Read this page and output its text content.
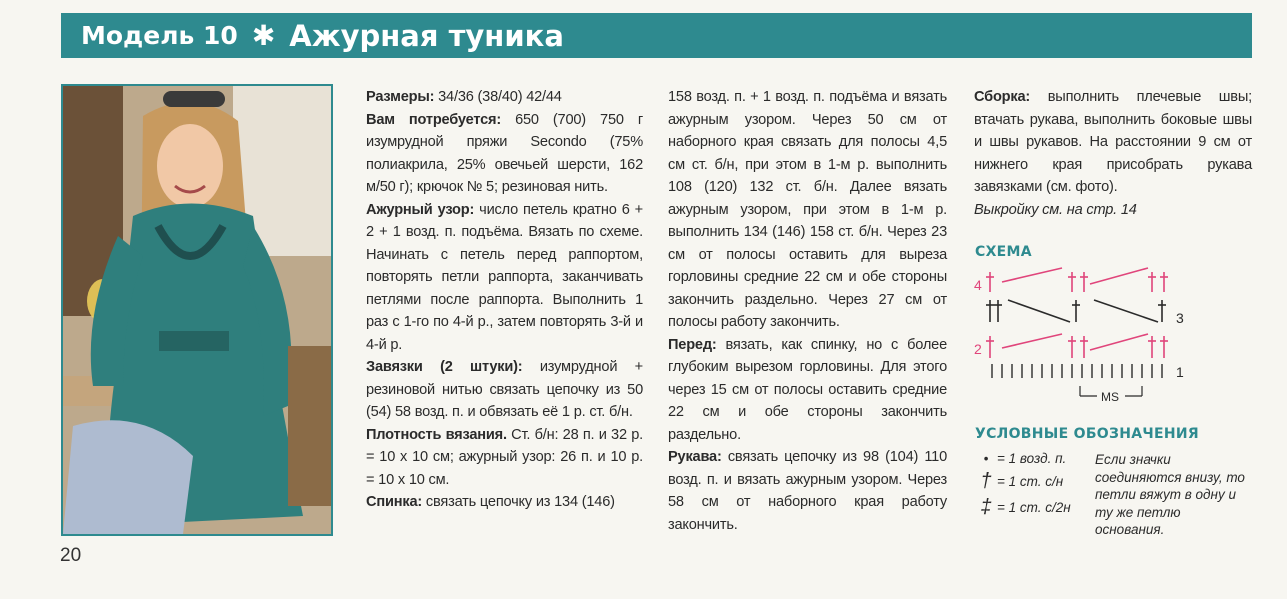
Модель 10 ✱ Ажурная туника
20

Размеры: 34/36 (38/40) 42/44

Вам потребуется: 650 (700) 750 г изумрудной пряжи Secondo (75% полиакрила, 25% овечьей шерсти, 162 м/50 г); крючок № 5; резиновая нить.

Ажурный узор: число петель кратно 6 + 2 + 1 возд. п. подъёма. Вязать по схеме. Начинать с петель перед раппортом, повторять петли раппорта, заканчивать петлями после раппорта. Выполнить 1 раз с 1-го по 4-й р., затем повторять 3-й и 4-й р.

Завязки (2 штуки): изумрудной + резиновой нитью связать цепочку из 50 (54) 58 возд. п. и обвязать её 1 р. ст. б/н.

Плотность вязания. Ст. б/н: 28 п. и 32 р. = 10 х 10 см; ажурный узор: 26 п. и 10 р. = 10 х 10 см.

Спинка: связать цепочку из 134 (146)

158 возд. п. + 1 возд. п. подъёма и вязать ажурным узором. Через 50 см от наборного края связать для полосы 4,5 см ст. б/н, при этом в 1-м р. выполнить 108 (120) 132 ст. б/н. Далее вязать ажурным узором, при этом в 1-м р. выполнить 134 (146) 158 ст. б/н. Через 23 см от полосы оставить для выреза горловины средние 22 см и обе стороны закончить раздельно. Через 27 см от полосы работу закончить.

Перед: вязать, как спинку, но с более глубоким вырезом горловины. Для этого через 15 см от полосы оставить средние 22 см и обе стороны закончить раздельно.

Рукава: связать цепочку из 98 (104) 110 возд. п. и вязать ажурным узором. Через 58 см от наборного края работу закончить.

Сборка: выполнить плечевые швы; втачать рукава, выполнить боковые швы и швы рукавов. На расстоянии 9 см от нижнего края присобрать рукава завязками (см. фото).

Выкройку см. на стр. 14

СХЕМА
4
3
2
1
MS
УСЛОВНЫЕ ОБОЗНАЧЕНИЯ
• = 1 возд. п.
† = 1 ст. с/н
‡ = 1 ст. с/2н
Если значки соединяются внизу, то петли вяжут в одну и ту же петлю основания.
